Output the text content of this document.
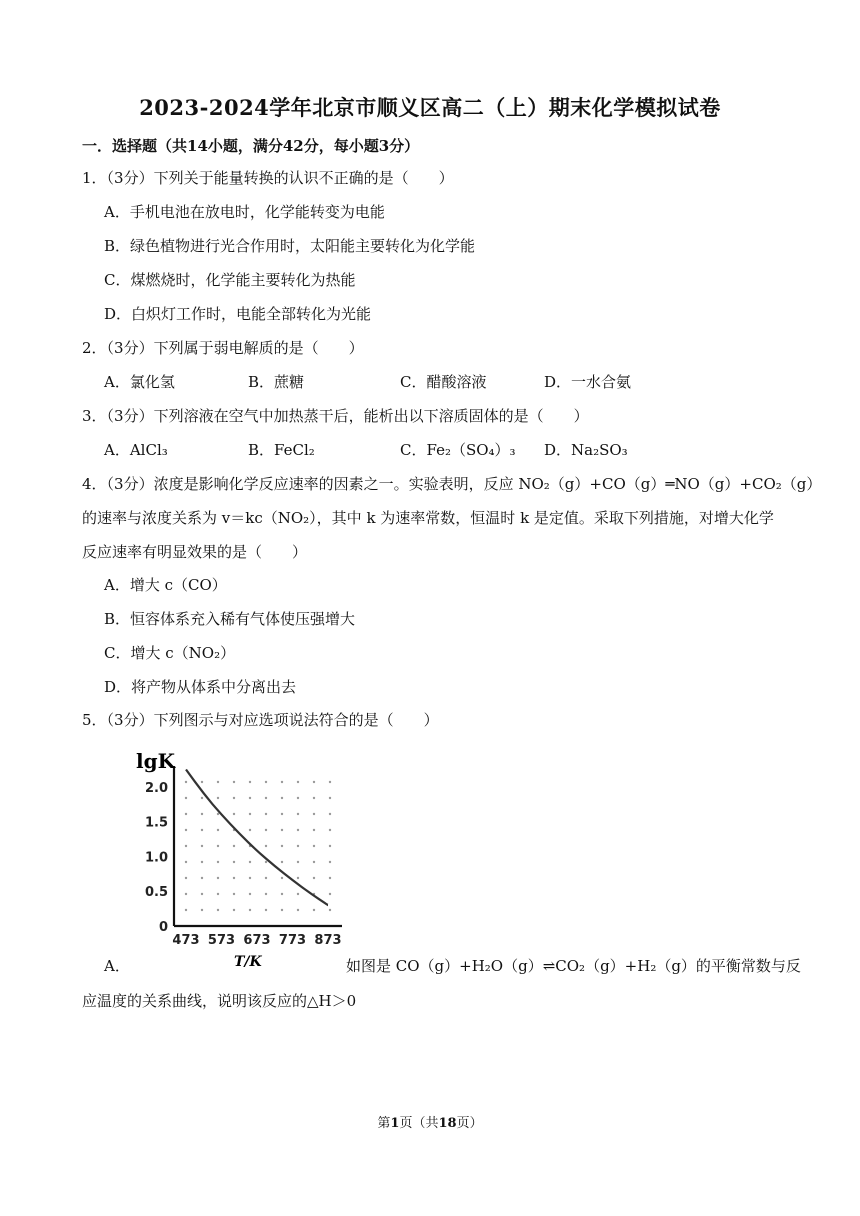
2023-2024学年北京市顺义区高二（上）期末化学模拟试卷
一．选择题（共14小题，满分42分，每小题3分）
1．（3分）下列关于能量转换的认识不正确的是（　　）
A．手机电池在放电时，化学能转变为电能
B．绿色植物进行光合作用时，太阳能主要转化为化学能
C．煤燃烧时，化学能主要转化为热能
D．白炽灯工作时，电能全部转化为光能
2．（3分）下列属于弱电解质的是（　　）
A．氯化氢	B．蔗糖	C．醋酸溶液	D．一水合氨
3．（3分）下列溶液在空气中加热蒸干后，能析出以下溶质固体的是（　　）
A．AlCl₃	B．FeCl₂	C．Fe₂（SO₄）₃ D．Na₂SO₃
4．（3分）浓度是影响化学反应速率的因素之一。实验表明，反应 NO₂（g）+CO（g）═NO（g）+CO₂（g）
的速率与浓度关系为 v＝kc（NO₂），其中 k 为速率常数，恒温时 k 是定值。采取下列措施，对增大化学
反应速率有明显效果的是（　　）
A．增大 c（CO）
B．恒容体系充入稀有气体使压强增大
C．增大 c（NO₂）
D．将产物从体系中分离出去
5．（3分）下列图示与对应选项说法符合的是（　　）
lgK
T/K
0
0.5
1.0
1.5
2.0
473 573 673 773 873
A．	如图是 CO（g）+H₂O（g）⇌CO₂（g）+H₂（g）的平衡常数与反
应温度的关系曲线，说明该反应的△H＞0
第1页（共18页）
